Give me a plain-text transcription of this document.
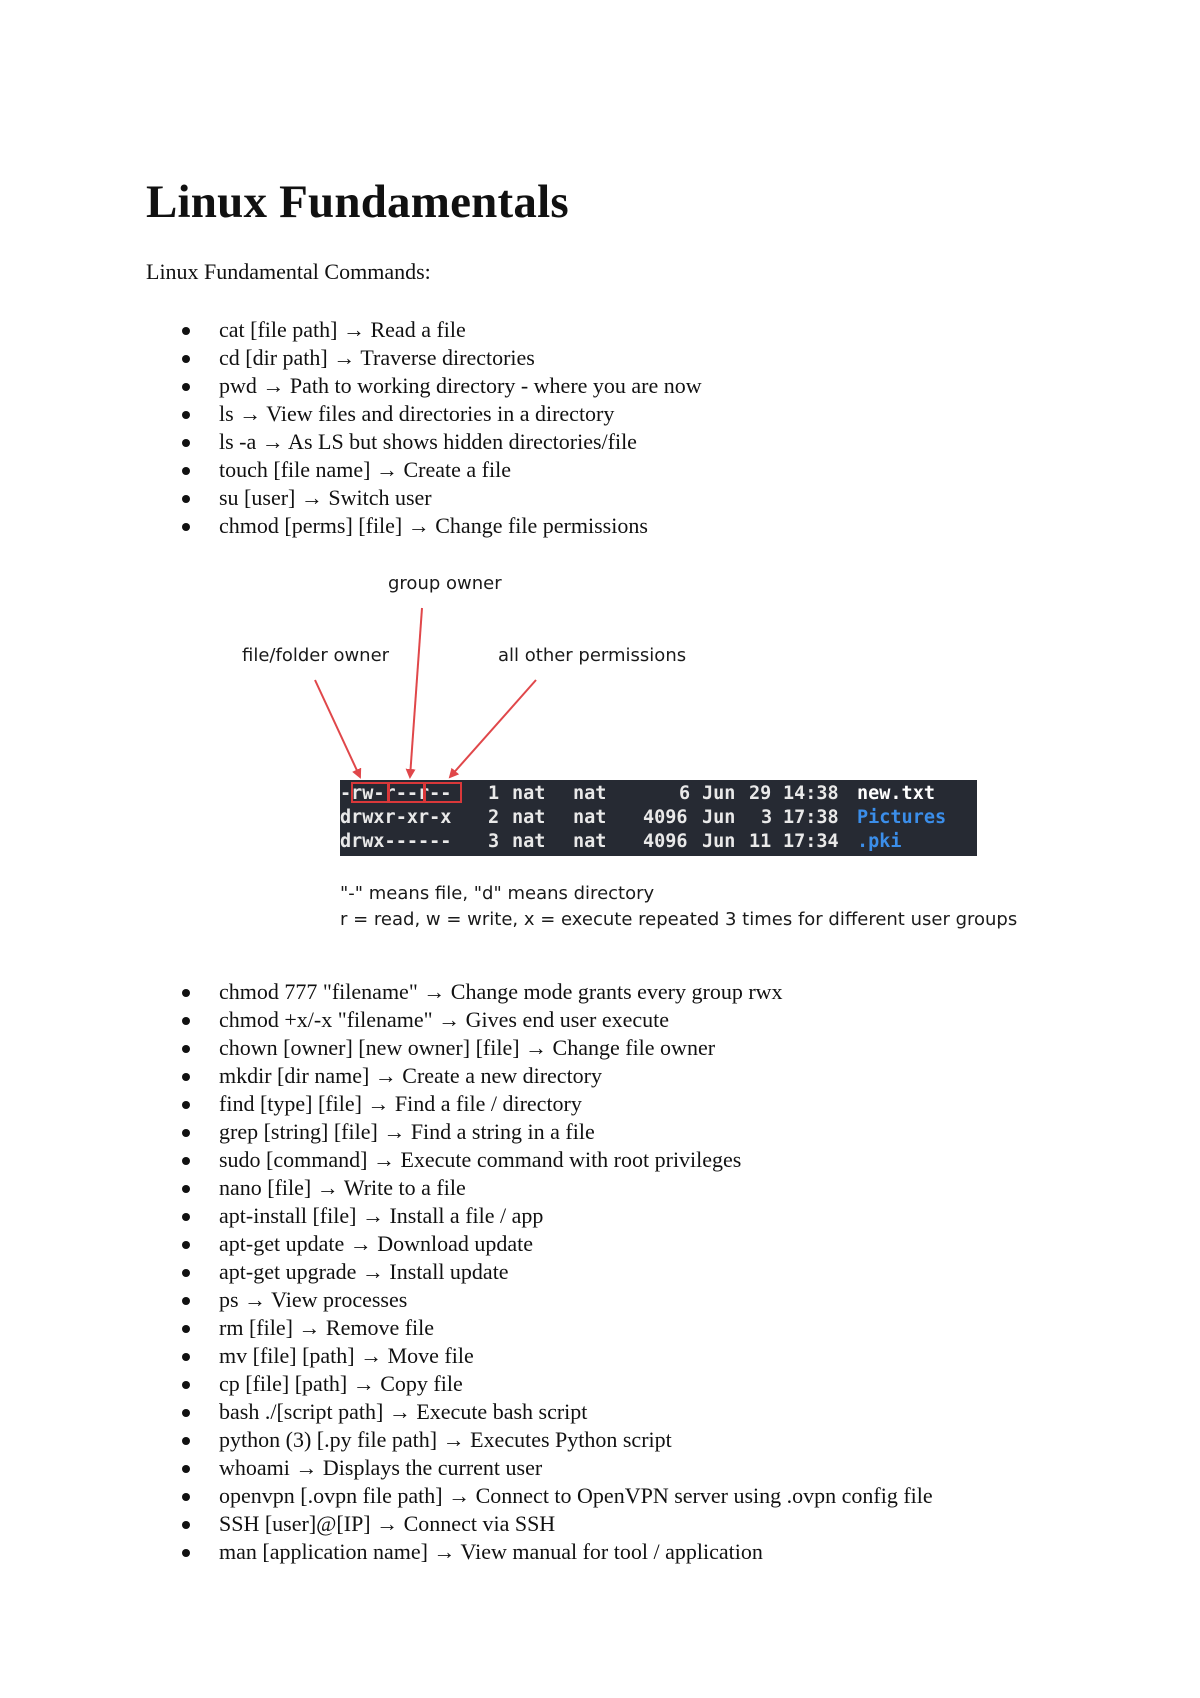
Linux Fundamentals
Linux Fundamental Commands:
cat [file path] → Read a file
cd [dir path] → Traverse directories
pwd → Path to working directory - where you are now
ls → View files and directories in a directory
ls -a → As LS but shows hidden directories/file
touch [file name] → Create a file
su [user] → Switch user
chmod [perms] [file] → Change file permissions
group owner
file/folder owner	all other permissions

-rw-r--r--

1

nat

nat

	6

Jun

29

14:38

new.txt

drwxr-xr-x

2

nat

nat

4096

Jun

3

17:38

Pictures

drwx------

3

nat

nat

4096

Jun

11

17:34

.pki

"-" means file, "d" means directory
r = read, w = write, x = execute repeated 3 times for different user groups
chmod 777 "filename" → Change mode grants every group rwx
chmod +x/-x "filename" → Gives end user execute
chown [owner] [new owner] [file] → Change file owner
mkdir [dir name] → Create a new directory
find [type] [file] → Find a file / directory
grep [string] [file] → Find a string in a file
sudo [command] → Execute command with root privileges
nano [file] → Write to a file
apt-install [file] → Install a file / app
apt-get update → Download update
apt-get upgrade → Install update
ps → View processes
rm [file] → Remove file
mv [file] [path] → Move file
cp [file] [path] → Copy file
bash ./[script path] → Execute bash script
python (3) [.py file path] → Executes Python script
whoami → Displays the current user
openvpn [.ovpn file path] → Connect to OpenVPN server using .ovpn config file
SSH [user]@[IP] → Connect via SSH
man [application name] → View manual for tool / application
